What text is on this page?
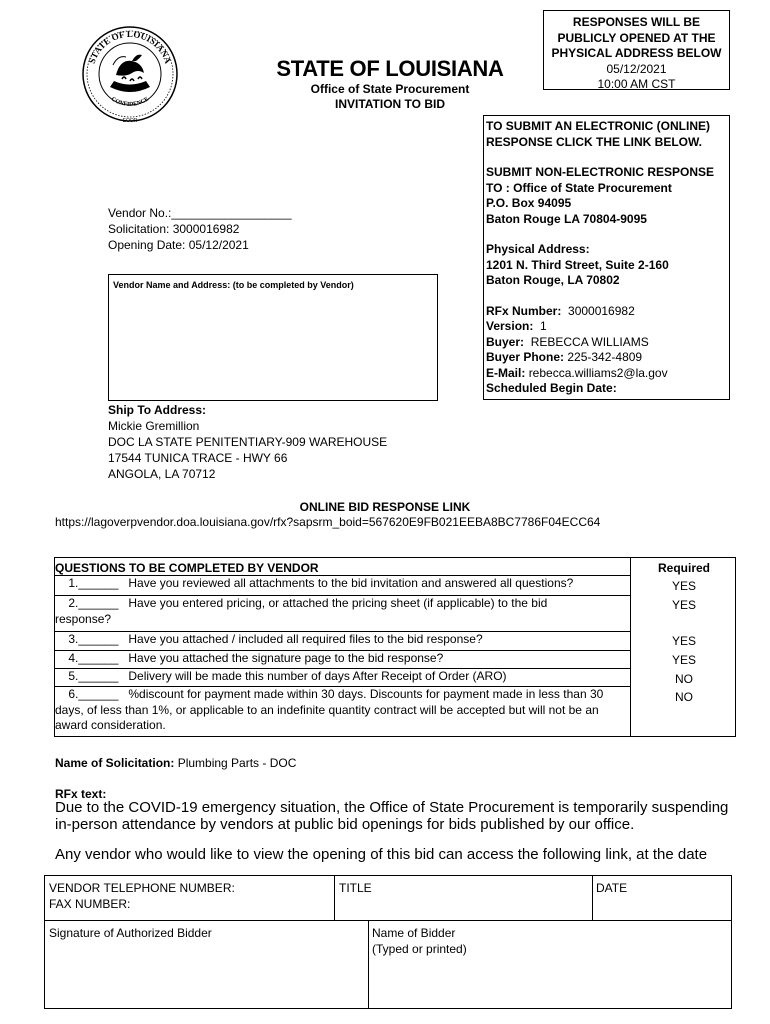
STATE OF LOUISIANA
CONFIDENCE
EOOR
STATE OF LOUISIANA
Office of State Procurement
INVITATION TO BID
RESPONSES WILL BE
PUBLICLY OPENED AT THE
PHYSICAL ADDRESS BELOW
05/12/2021
10:00 AM CST
TO SUBMIT AN ELECTRONIC (ONLINE)
RESPONSE CLICK THE LINK BELOW.
SUBMIT NON-ELECTRONIC RESPONSE
TO : Office of State Procurement
P.O. Box 94095
Baton Rouge LA 70804-9095
Physical Address:
1201 N. Third Street, Suite 2-160
Baton Rouge, LA 70802
RFx Number: 3000016982
Version: 1
Buyer: REBECCA WILLIAMS
Buyer Phone: 225-342-4809
E-Mail: rebecca.williams2@la.gov
Scheduled Begin Date:
Vendor No.:__________________
Solicitation: 3000016982
Opening Date: 05/12/2021
Vendor Name and Address: (to be completed by Vendor)
Ship To Address:
Mickie Gremillion
DOC LA STATE PENITENTIARY-909 WAREHOUSE
17544 TUNICA TRACE - HWY 66
ANGOLA, LA 70712
ONLINE BID RESPONSE LINK
https://lagoverpvendor.doa.louisiana.gov/rfx?sapsrm_boid=567620E9FB021EEBA8BC7786F04ECC64
QUESTIONS TO BE COMPLETED BY VENDOR	Required
1.______   Have you reviewed all attachments to the bid invitation and answered all questions?	YES
2.______   Have you entered pricing, or attached the pricing sheet (if applicable) to the bid
response?
YES
3.______   Have you attached / included all required files to the bid response?	YES
4.______   Have you attached the signature page to the bid response?	YES
5.______   Delivery will be made this number of days After Receipt of Order (ARO)	NO
6.______   %discount for payment made within 30 days. Discounts for payment made in less than 30
days, of less than 1%, or applicable to an indefinite quantity contract will be accepted but will not be an
award consideration.
NO
Name of Solicitation: Plumbing Parts - DOC
RFx text:
Due to the COVID-19 emergency situation, the Office of State Procurement is temporarily suspending
in-person attendance by vendors at public bid openings for bids published by our office.
Any vendor who would like to view the opening of this bid can access the following link, at the date
VENDOR TELEPHONE NUMBER:
FAX NUMBER:
TITLE	DATE
Signature of Authorized Bidder	Name of Bidder
(Typed or printed)
